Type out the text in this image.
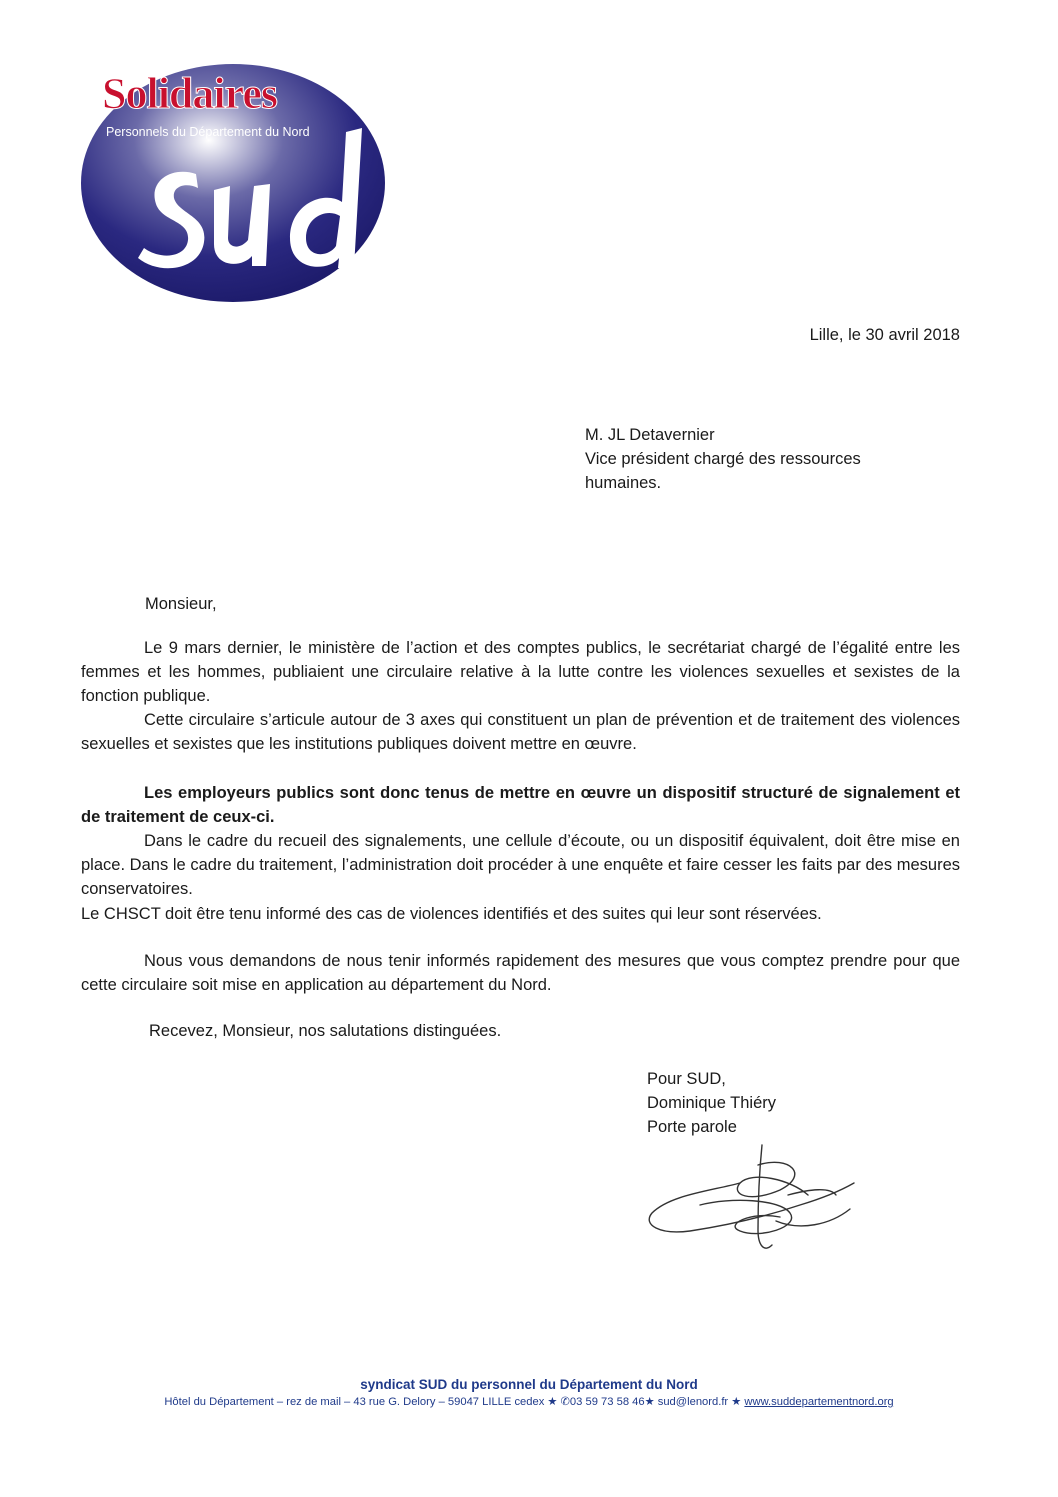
Solidaires
Personnels du Département du Nord
Lille, le 30 avril 2018
M. JL Detavernier
Vice président chargé des ressources
humaines.
Monsieur,
Le 9 mars dernier, le ministère de l’action et des comptes publics, le secrétariat chargé de l’égalité entre les femmes et les hommes, publiaient une circulaire relative à la lutte contre les violences sexuelles et sexistes de la fonction publique.
Cette circulaire s’articule autour de 3 axes qui constituent un plan de prévention et de traitement des violences sexuelles et sexistes que les institutions publiques doivent mettre en œuvre.
Les employeurs publics sont donc tenus de mettre en œuvre un dispositif structuré de signalement et de traitement de ceux-ci.
Dans le cadre du recueil des signalements, une cellule d’écoute, ou un dispositif équivalent, doit être mise en place. Dans le cadre du traitement, l’administration doit procéder à une enquête et faire cesser les faits par des mesures conservatoires.
Le CHSCT doit être tenu informé des cas de violences identifiés et des suites qui leur sont réservées.
Nous vous demandons de nous tenir informés rapidement des mesures que vous comptez prendre pour que cette circulaire soit mise en application au département du Nord.
Recevez, Monsieur, nos salutations distinguées.
Pour SUD,
Dominique Thiéry
Porte parole
syndicat SUD du personnel du Département du Nord
Hôtel du Département – rez de mail – 43 rue G. Delory – 59047 LILLE cedex ★ ✆03 59 73 58 46★ sud@lenord.fr ★ www.suddepartementnord.org
